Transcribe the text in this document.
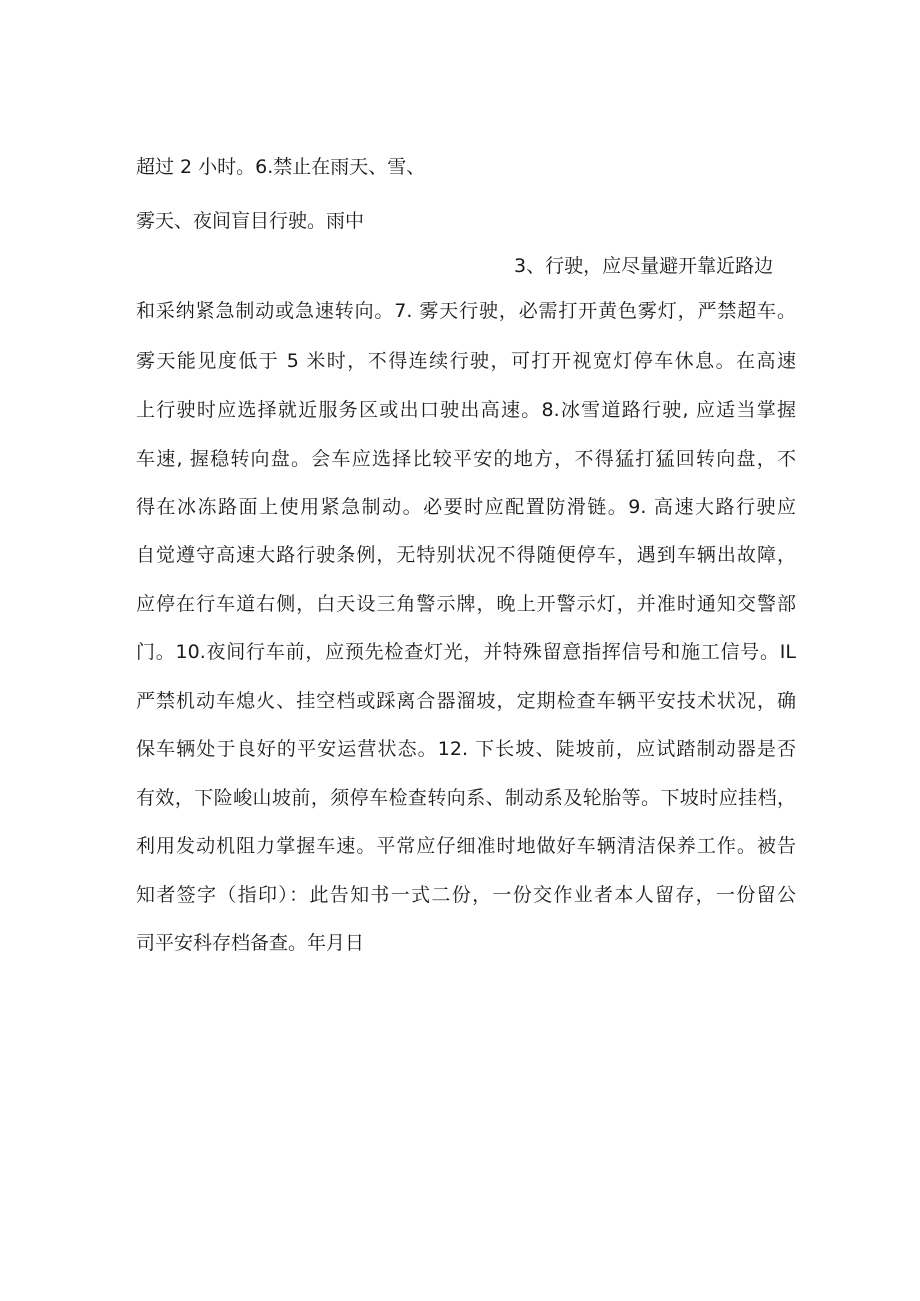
超过 2 小时。6.禁止在雨天、雪、
雾天、夜间盲目行驶。雨中
3、行驶，应尽量避开靠近路边
和采纳紧急制动或急速转向。7. 雾天行驶，必需打开黄色雾灯，严禁超车。
雾天能见度低于 5 米时，不得连续行驶，可打开视宽灯停车休息。在高速
上行驶时应选择就近服务区或出口驶出高速。8.冰雪道路行驶, 应适当掌握
车速, 握稳转向盘。会车应选择比较平安的地方，不得猛打猛回转向盘，不
得在冰冻路面上使用紧急制动。必要时应配置防滑链。9. 高速大路行驶应
自觉遵守高速大路行驶条例，无特别状况不得随便停车，遇到车辆出故障，
应停在行车道右侧，白天设三角警示牌，晚上开警示灯，并准时通知交警部
门。10.夜间行车前，应预先检查灯光，并特殊留意指挥信号和施工信号。IL
严禁机动车熄火、挂空档或踩离合器溜坡，定期检查车辆平安技术状况，确
保车辆处于良好的平安运营状态。12. 下长坡、陡坡前，应试踏制动器是否
有效，下险峻山坡前，须停车检查转向系、制动系及轮胎等。下坡时应挂档，
利用发动机阻力掌握车速。平常应仔细准时地做好车辆清洁保养工作。被告
知者签字（指印）：此告知书一式二份，一份交作业者本人留存，一份留公
司平安科存档备查。年月日
